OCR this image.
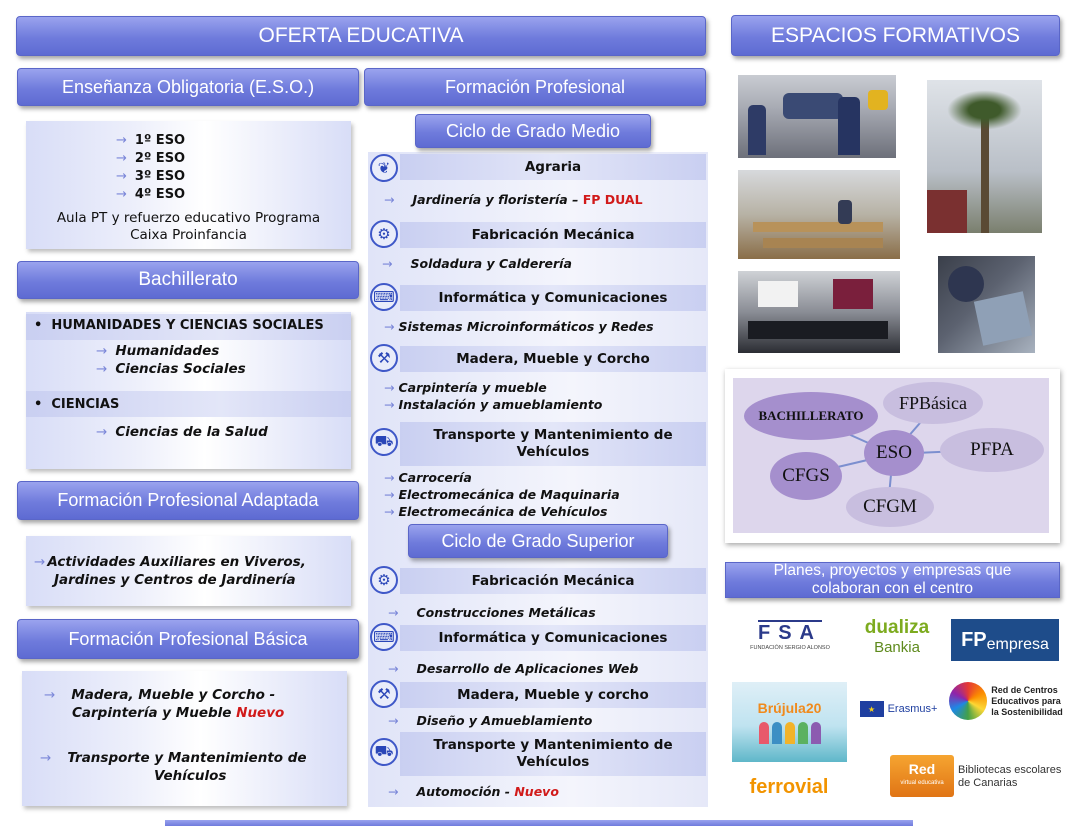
OFERTA EDUCATIVA	ESPACIOS FORMATIVOS
Enseñanza Obligatoria (E.S.O.)
→ 1º ESO
→ 2º ESO
→ 3º ESO
→ 4º ESO
Aula PT y refuerzo educativo Programa
Caixa Proinfancia
Bachillerato
•  HUMANIDADES Y CIENCIAS SOCIALES
→ Humanidades
→ Ciencias Sociales
•  CIENCIAS
→ Ciencias de la Salud
Formación Profesional Adaptada
→ Actividades Auxiliares en Viveros,
Jardines y Centros de Jardinería
Formación Profesional Básica
→ Madera, Mueble y Corcho -
Carpintería y Mueble Nuevo
→ Transporte y Mantenimiento de
Vehículos
Formación Profesional
Ciclo de Grado Medio
❦	Agraria
→ Jardinería y floristería – FP DUAL
⚙	Fabricación Mecánica
→ Soldadura y Calderería
⌨	Informática y Comunicaciones
→ Sistemas Microinformáticos y Redes
⚒	Madera, Mueble y Corcho
→ Carpintería y mueble
→ Instalación y amueblamiento
⛟	Transporte y Mantenimiento de
Vehículos
→ Carrocería
→ Electromecánica de Maquinaria
→ Electromecánica de Vehículos
Ciclo de Grado Superior
⚙	Fabricación Mecánica
→ Construcciones Metálicas
⌨	Informática y Comunicaciones
→ Desarrollo de Aplicaciones Web
⚒	Madera, Mueble y corcho
→ Diseño y Amueblamiento
⛟	Transporte y Mantenimiento de
Vehículos
→ Automoción - Nuevo
BACHILLERATO
FPBásica
ESO	PFPA
CFGS
CFGM
Planes, proyectos y empresas que
colaboran con el centro
FSA
FUNDACIÓN SERGIO ALONSO
dualiza
Bankia FP empresa
Brújula20	★	Erasmus+
Red de Centros
Educativos para
la Sostenibilidad
ferrovial
Red
virtual educativa
Bibliotecas escolares
de Canarias
